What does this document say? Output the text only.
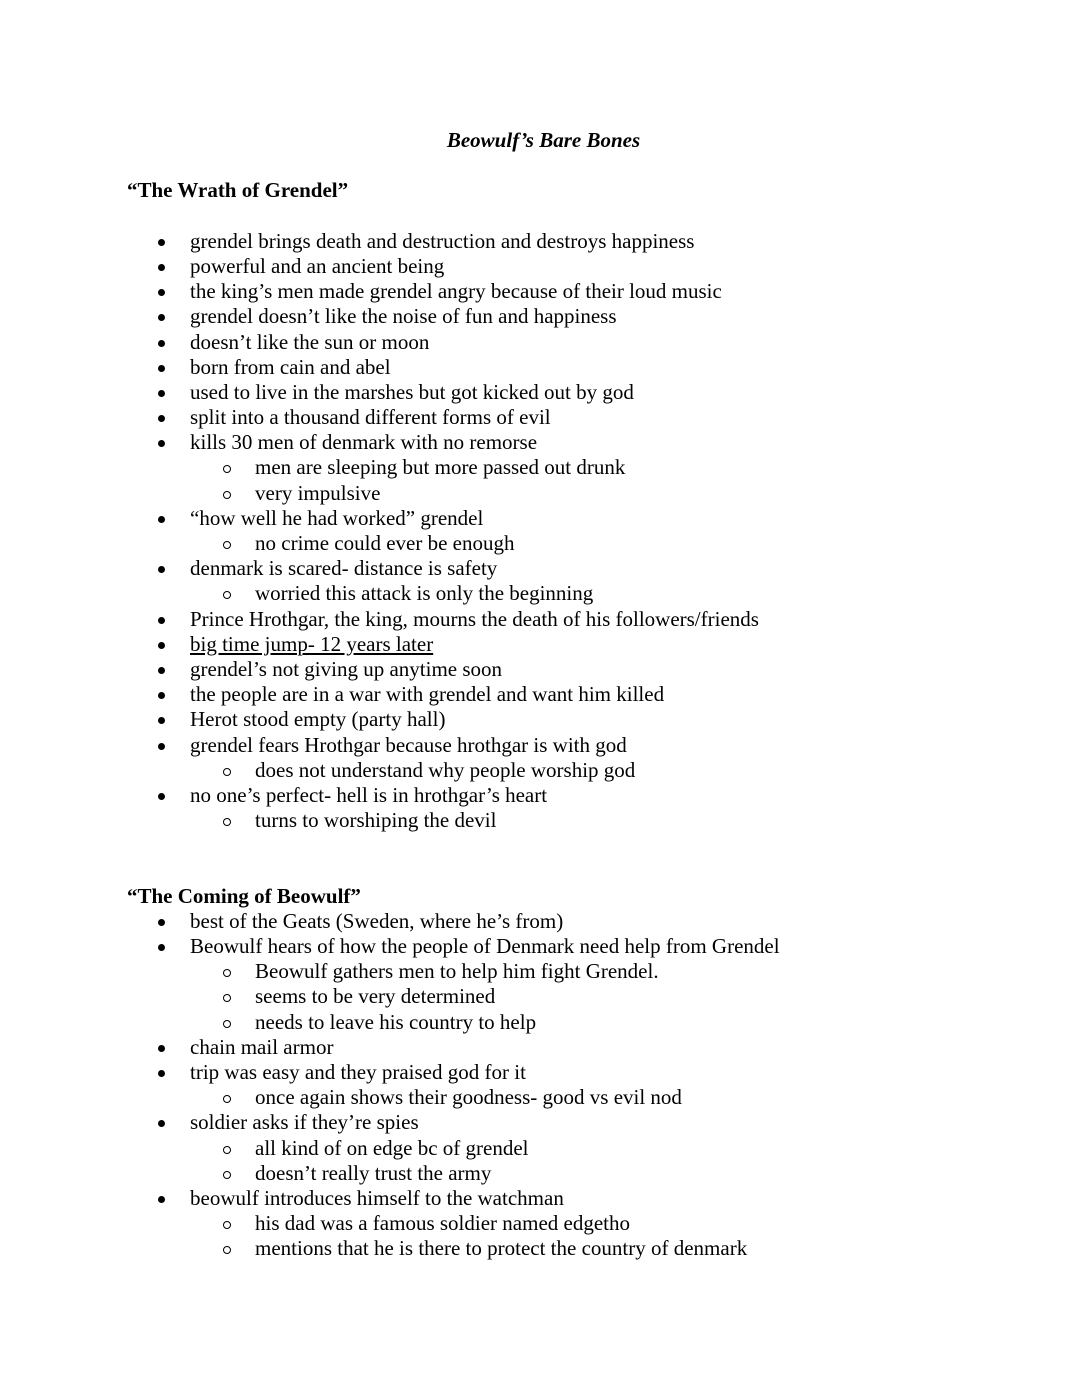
Beowulf’s Bare Bones
“The Wrath of Grendel”
grendel brings death and destruction and destroys happiness
powerful and an ancient being
the king’s men made grendel angry because of their loud music
grendel doesn’t like the noise of fun and happiness
doesn’t like the sun or moon
born from cain and abel
used to live in the marshes but got kicked out by god
split into a thousand different forms of evil
kills 30 men of denmark with no remorse
men are sleeping but more passed out drunk
very impulsive
“how well he had worked” grendel
no crime could ever be enough
denmark is scared- distance is safety
worried this attack is only the beginning
Prince Hrothgar, the king, mourns the death of his followers/friends
big time jump- 12 years later
grendel’s not giving up anytime soon
the people are in a war with grendel and want him killed
Herot stood empty (party hall)
grendel fears Hrothgar because hrothgar is with god
does not understand why people worship god
no one’s perfect- hell is in hrothgar’s heart
turns to worshiping the devil
“The Coming of Beowulf”
best of the Geats (Sweden, where he’s from)
Beowulf hears of how the people of Denmark need help from Grendel
Beowulf gathers men to help him fight Grendel.
seems to be very determined
needs to leave his country to help
chain mail armor
trip was easy and they praised god for it
once again shows their goodness- good vs evil nod
soldier asks if they’re spies
all kind of on edge bc of grendel
doesn’t really trust the army
beowulf introduces himself to the watchman
his dad was a famous soldier named edgetho
mentions that he is there to protect the country of denmark
